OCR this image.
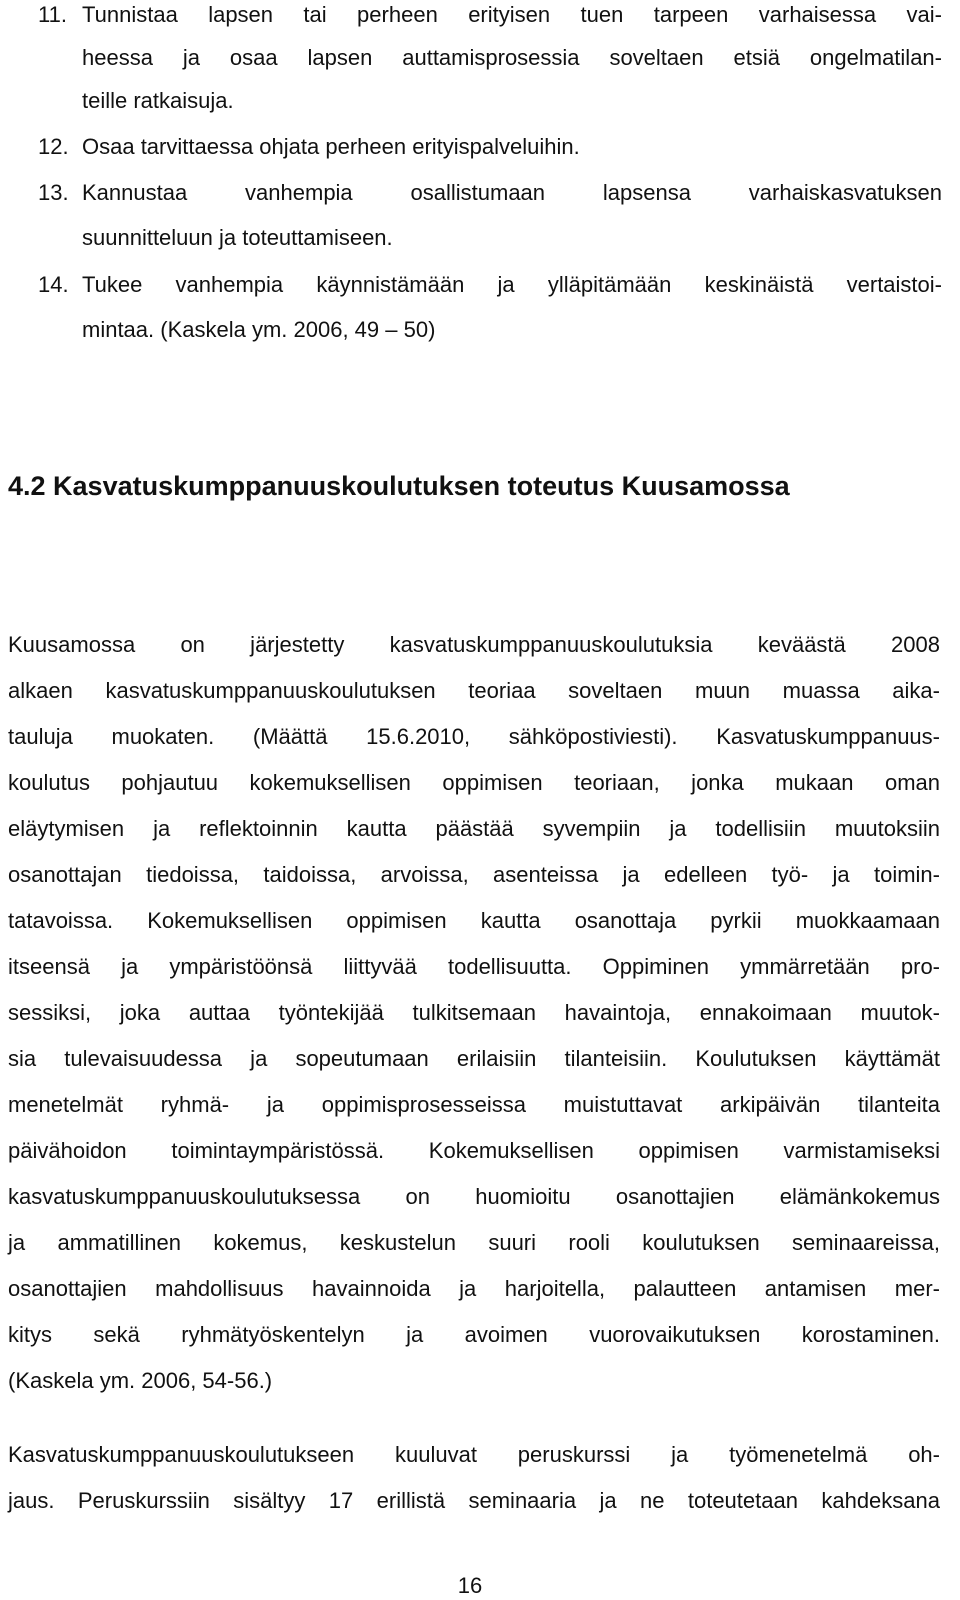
11. Tunnistaa lapsen tai perheen erityisen tuen tarpeen varhaisessa vai-
heessa ja osaa lapsen auttamisprosessia soveltaen etsiä ongelmatilan-
teille ratkaisuja.
12. Osaa tarvittaessa ohjata perheen erityispalveluihin.
13. Kannustaa vanhempia osallistumaan lapsensa varhaiskasvatuksen
suunnitteluun ja toteuttamiseen.
14. Tukee vanhempia käynnistämään ja ylläpitämään keskinäistä vertaistoi-
mintaa. (Kaskela ym. 2006, 49 – 50)
4.2 Kasvatuskumppanuuskoulutuksen toteutus Kuusamossa
Kuusamossa on järjestetty kasvatuskumppanuuskoulutuksia keväästä 2008
alkaen kasvatuskumppanuuskoulutuksen teoriaa soveltaen muun muassa aika-
tauluja muokaten. (Määttä 15.6.2010, sähköpostiviesti). Kasvatuskumppanuus-
koulutus pohjautuu kokemuksellisen oppimisen teoriaan, jonka mukaan oman
eläytymisen ja reflektoinnin kautta päästää syvempiin ja todellisiin muutoksiin
osanottajan tiedoissa, taidoissa, arvoissa, asenteissa ja edelleen työ- ja toimin-
tatavoissa. Kokemuksellisen oppimisen kautta osanottaja pyrkii muokkaamaan
itseensä ja ympäristöönsä liittyvää todellisuutta. Oppiminen ymmärretään pro-
sessiksi, joka auttaa työntekijää tulkitsemaan havaintoja, ennakoimaan muutok-
sia tulevaisuudessa ja sopeutumaan erilaisiin tilanteisiin. Koulutuksen käyttämät
menetelmät ryhmä- ja oppimisprosesseissa muistuttavat arkipäivän tilanteita
päivähoidon toimintaympäristössä. Kokemuksellisen oppimisen varmistamiseksi
kasvatuskumppanuuskoulutuksessa on huomioitu osanottajien elämänkokemus
ja ammatillinen kokemus, keskustelun suuri rooli koulutuksen seminaareissa,
osanottajien mahdollisuus havainnoida ja harjoitella, palautteen antamisen mer-
kitys sekä ryhmätyöskentelyn ja avoimen vuorovaikutuksen korostaminen.
(Kaskela ym. 2006, 54-56.)
Kasvatuskumppanuuskoulutukseen kuuluvat peruskurssi ja työmenetelmä oh-
jaus. Peruskurssiin sisältyy 17 erillistä seminaaria ja ne toteutetaan kahdeksana
16
